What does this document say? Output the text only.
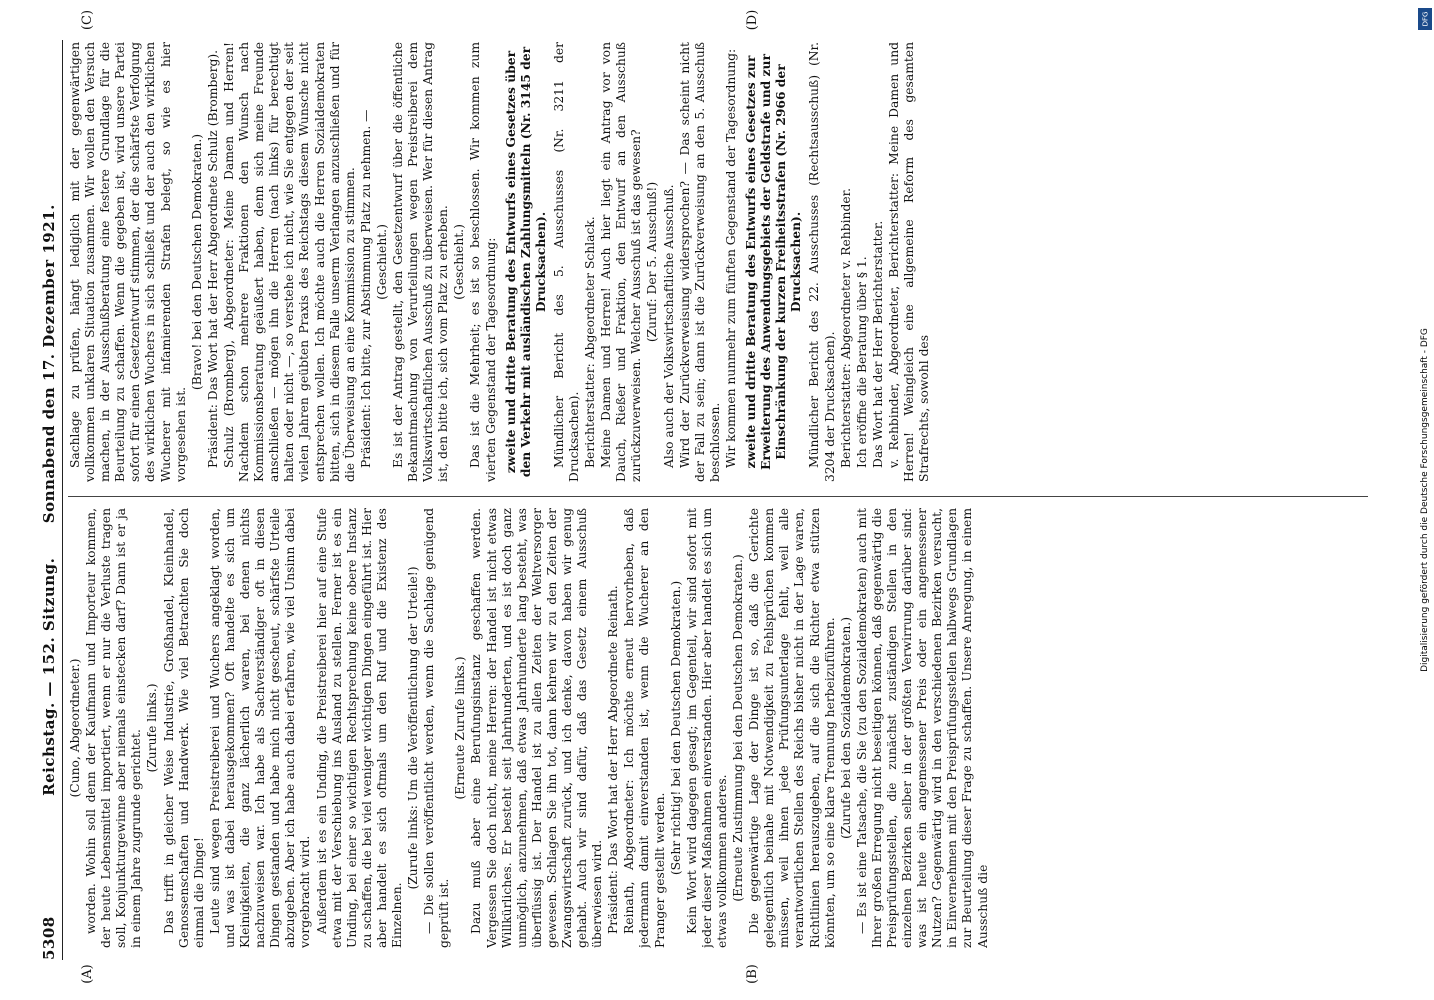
5308
Reichstag. — 152. Sitzung.      Sonnabend den 17. Dezember 1921.
(A)	(B)
(C)	(D)

(Cuno, Abgeordneter.) worden. Wohin soll denn der Kaufmann und Importeur kommen, der heute Lebensmittel importiert, wenn er nur die Verluste tragen soll, Konjunkturgewinne aber niemals einstecken darf? Dann ist er ja in einem Jahre zugrunde gerichtet.

(Zurufe links.) Das trifft in gleicher Weise Industrie, Großhandel, Kleinhandel, Genossenschaften und Handwerk. Wie viel Betrachten Sie doch einmal die Dinge! Leute sind wegen Preistreiberei und Wuchers angeklagt worden, und was ist dabei herausgekommen? Oft handelte es sich um Kleinigkeiten, die ganz lächerlich waren, bei denen nichts nachzuweisen war. Ich habe als Sachverständiger oft in diesen Dingen gestanden und habe mich nicht gescheut, schärfste Urteile abzugeben. Aber ich habe auch dabei erfahren, wie viel Unsinn dabei vorgebracht wird. Außerdem ist es ein Unding, die Preistreiberei hier auf eine Stufe etwa mit der Verschiebung ins Ausland zu stellen. Ferner ist es ein Unding, bei einer so wichtigen Rechtsprechung keine obere Instanz zu schaffen, die bei viel weniger wichtigen Dingen eingeführt ist. Hier aber handelt es sich oftmals um den Ruf und die Existenz des Einzelnen.

(Zurufe links: Um die Veröffentlichung der Urteile!) — Die sollen veröffentlicht werden, wenn die Sachlage genügend geprüft ist.

(Erneute Zurufe links.) Dazu muß aber eine Berufungsinstanz geschaffen werden. Vergessen Sie doch nicht, meine Herren: der Handel ist nicht etwas Willkürliches. Er besteht seit Jahrhunderten, und es ist doch ganz unmöglich, anzunehmen, daß etwas Jahrhunderte lang besteht, was überflüssig ist. Der Handel ist zu allen Zeiten der Weltversorger gewesen. Schlagen Sie ihn tot, dann kehren wir zu den Zeiten der Zwangswirtschaft zurück, und ich denke, davon haben wir genug gehabt. Auch wir sind dafür, daß das Gesetz einem Ausschuß überwiesen wird. Präsident: Das Wort hat der Herr Abgeordnete Reinath. Reinath, Abgeordneter: Ich möchte erneut hervorheben, daß jedermann damit einverstanden ist, wenn die Wucherer an den Pranger gestellt werden. (Sehr richtig! bei den Deutschen Demokraten.) Kein Wort wird dagegen gesagt; im Gegenteil, wir sind sofort mit jeder dieser Maßnahmen einverstanden. Hier aber handelt es sich um etwas vollkommen anderes. (Erneute Zustimmung bei den Deutschen Demokraten.) Die gegenwärtige Lage der Dinge ist so, daß die Gerichte gelegentlich beinahe mit Notwendigkeit zu Fehlsprüchen kommen müssen, weil ihnen jede Prüfungsunterlage fehlt, weil alle verantwortlichen Stellen des Reichs bisher nicht in der Lage waren, Richtlinien herauszugeben, auf die sich die Richter etwa stützen könnten, um so eine klare Trennung herbeizuführen. (Zurufe bei den Sozialdemokraten.) — Es ist eine Tatsache, die Sie (zu den Sozialdemokraten) auch mit Ihrer großen Erregung nicht beseitigen können, daß gegenwärtig die Preisprüfungsstellen, die zunächst zuständigen Stellen in den einzelnen Bezirken selber in der größten Verwirrung darüber sind: was ist heute ein angemessener Preis oder ein angemessener Nutzen? Gegenwärtig wird in den verschiedenen Bezirken versucht, in Einvernehmen mit den Preisprüfungsstellen halbwegs Grundlagen zur Beurteilung dieser Frage zu schaffen. Unsere Anregung, in einem Ausschuß die

Sachlage zu prüfen, hängt lediglich mit der gegenwärtigen vollkommen unklaren Situation zusammen. Wir wollen den Versuch machen, in der Ausschußberatung eine festere Grundlage für die Beurteilung zu schaffen. Wenn die gegeben ist, wird unsere Partei sofort für einen Gesetzentwurf stimmen, der die schärfste Verfolgung des wirklichen Wuchers in sich schließt und der auch den wirklichen Wucherer mit infamierenden Strafen belegt, so wie es hier vorgesehen ist.

(Bravo! bei den Deutschen Demokraten.) Präsident: Das Wort hat der Herr Abgeordnete Schulz (Bromberg). Schulz (Bromberg), Abgeordneter: Meine Damen und Herren! Nachdem schon mehrere Fraktionen den Wunsch nach Kommissionsberatung geäußert haben, denn sich meine Freunde anschließen — mögen ihn die Herren (nach links) für berechtigt halten oder nicht —, so verstehe ich nicht, wie Sie entgegen der seit vielen Jahren geübten Praxis des Reichstags diesem Wunsche nicht entsprechen wollen. Ich möchte auch die Herren Sozialdemokraten bitten, sich in diesem Falle unserm Verlangen anzuschließen und für die Überweisung an eine Kommission zu stimmen. Präsident: Ich bitte, zur Abstimmung Platz zu nehmen. — (Geschieht.) Es ist der Antrag gestellt, den Gesetzentwurf über die öffentliche Bekanntmachung von Verurteilungen wegen Preistreiberei dem Volkswirtschaftlichen Ausschuß zu überweisen. Wer für diesen Antrag ist, den bitte ich, sich vom Platz zu erheben. (Geschieht.) Das ist die Mehrheit; es ist so beschlossen. Wir kommen zum vierten Gegenstand der Tagesordnung: zweite und dritte Beratung des Entwurfs eines Gesetzes über den Verkehr mit ausländischen Zahlungsmitteln (Nr. 3145 der Drucksachen). Mündlicher Bericht des 5. Ausschusses (Nr. 3211 der Drucksachen). Berichterstatter: Abgeordneter Schlack. Meine Damen und Herren! Auch hier liegt ein Antrag vor von Dauch, Rießer und Fraktion, den Entwurf an den Ausschuß zurückzuverweisen. Welcher Ausschuß ist das gewesen? (Zuruf: Der 5. Ausschuß!) Also auch der Volkswirtschaftliche Ausschuß. Wird der Zurückverweisung widersprochen? — Das scheint nicht der Fall zu sein; dann ist die Zurückverweisung an den 5. Ausschuß beschlossen. Wir kommen nunmehr zum fünften Gegenstand der Tagesordnung: zweite und dritte Beratung des Entwurfs eines Gesetzes zur Erweiterung des Anwendungsgebiets der Geldstrafe und zur Einschränkung der kurzen Freiheitsstrafen (Nr. 2966 der Drucksachen). Mündlicher Bericht des 22. Ausschusses (Rechtsausschuß) (Nr. 3204 der Drucksachen). Berichterstatter: Abgeordneter v. Rehbinder. Ich eröffne die Beratung über § 1. Das Wort hat der Herr Berichterstatter. v. Rehbinder, Abgeordneter, Berichterstatter: Meine Damen und Herren! Weingleich eine allgemeine Reform des gesamten Strafrechts, sowohl des	Digitalisierung gefördert durch die Deutsche Forschungsgemeinschaft - DFG
DFG
